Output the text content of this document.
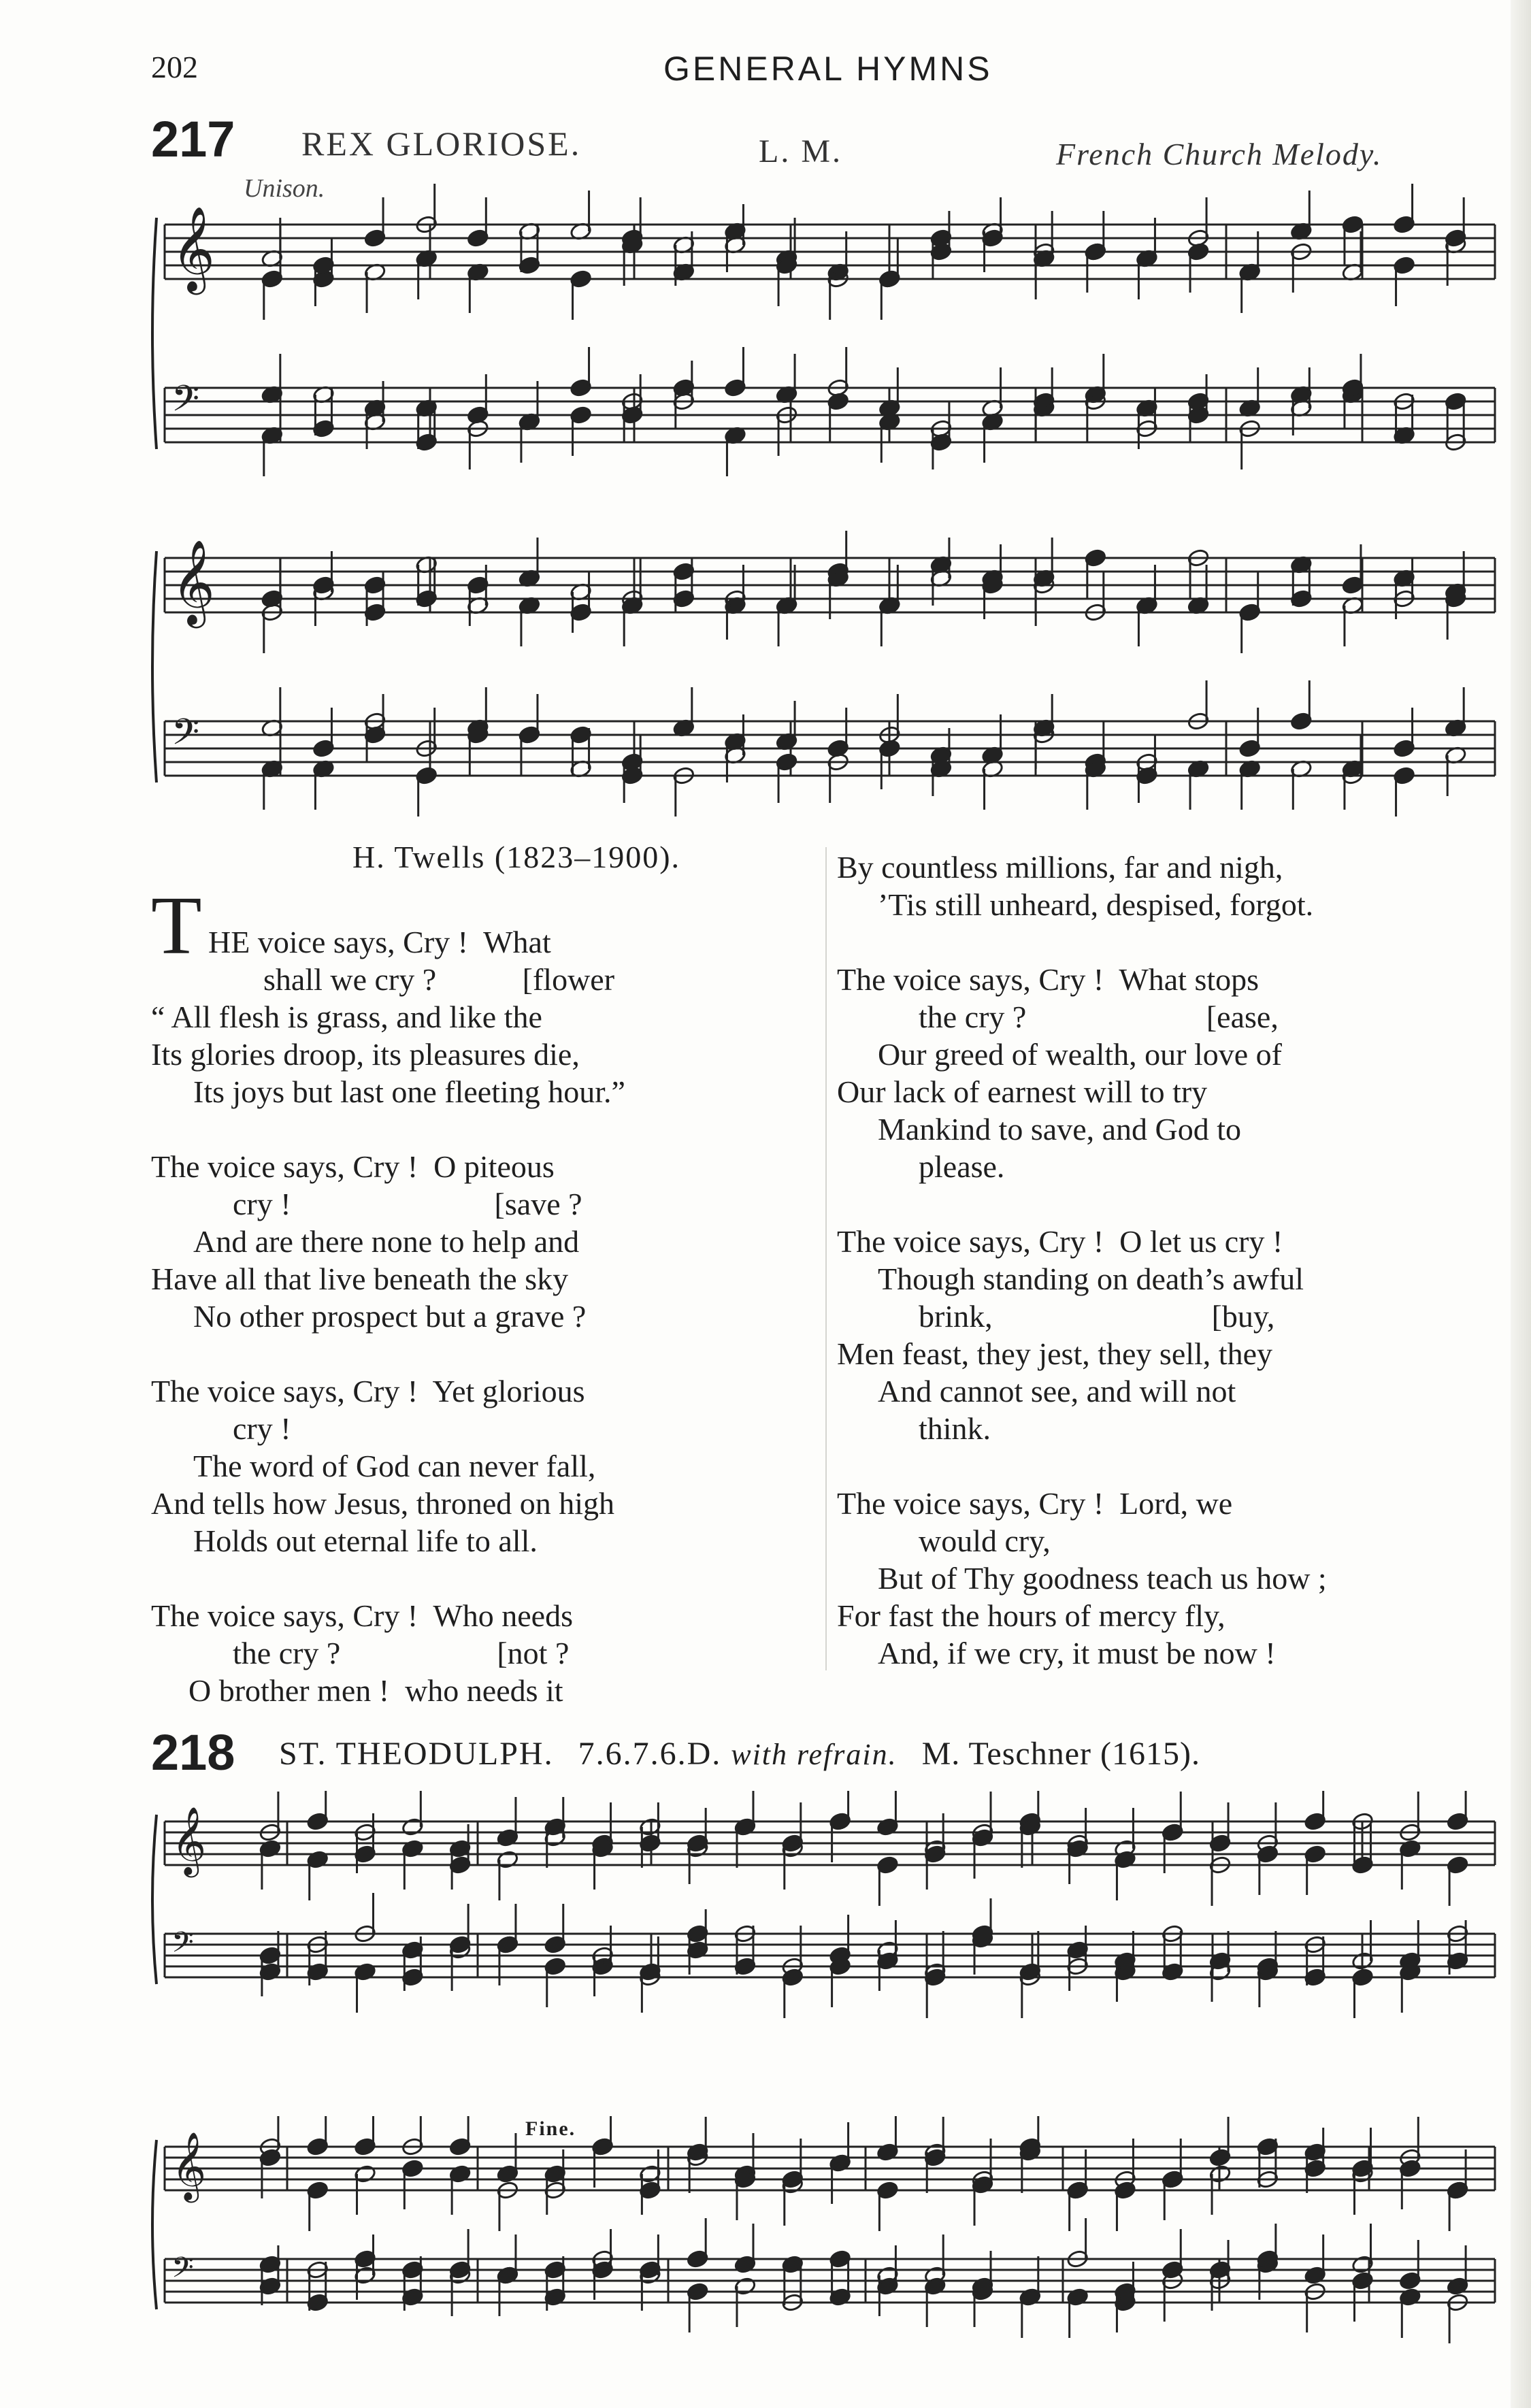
202	GENERAL HYMNS
217 REX GLORIOSE.	L. M.	French Church Melody.
Unison.
𝄞
𝄢
𝄞
𝄢
H. Twells (1823–1900).
T HE voice says, Cry !  What
shall we cry ?           [flower
“ All flesh is grass, and like the
Its glories droop, its pleasures die,
Its joys but last one fleeting hour.”
The voice says, Cry !  O piteous
cry !                          [save ?
And are there none to help and
Have all that live beneath the sky
No other prospect but a grave ?
The voice says, Cry !  Yet glorious
cry !
The word of God can never fall,
And tells how Jesus, throned on high
Holds out eternal life to all.
The voice says, Cry !  Who needs
the cry ?                    [not ?
O brother men !  who needs it
By countless millions, far and nigh,
’Tis still unheard, despised, forgot.
The voice says, Cry !  What stops
the cry ?                       [ease,
Our greed of wealth, our love of
Our lack of earnest will to try
Mankind to save, and God to
please.
The voice says, Cry !  O let us cry !
Though standing on death’s awful
brink,                            [buy,
Men feast, they jest, they sell, they
And cannot see, and will not
think.
The voice says, Cry !  Lord, we
would cry,
But of Thy goodness teach us how ;
For fast the hours of mercy fly,
And, if we cry, it must be now !
218 ST. THEODULPH. 7.6.7.6.D. with refrain. M. Teschner (1615).
𝄞
𝄢
𝄞
𝄢
Fine.
